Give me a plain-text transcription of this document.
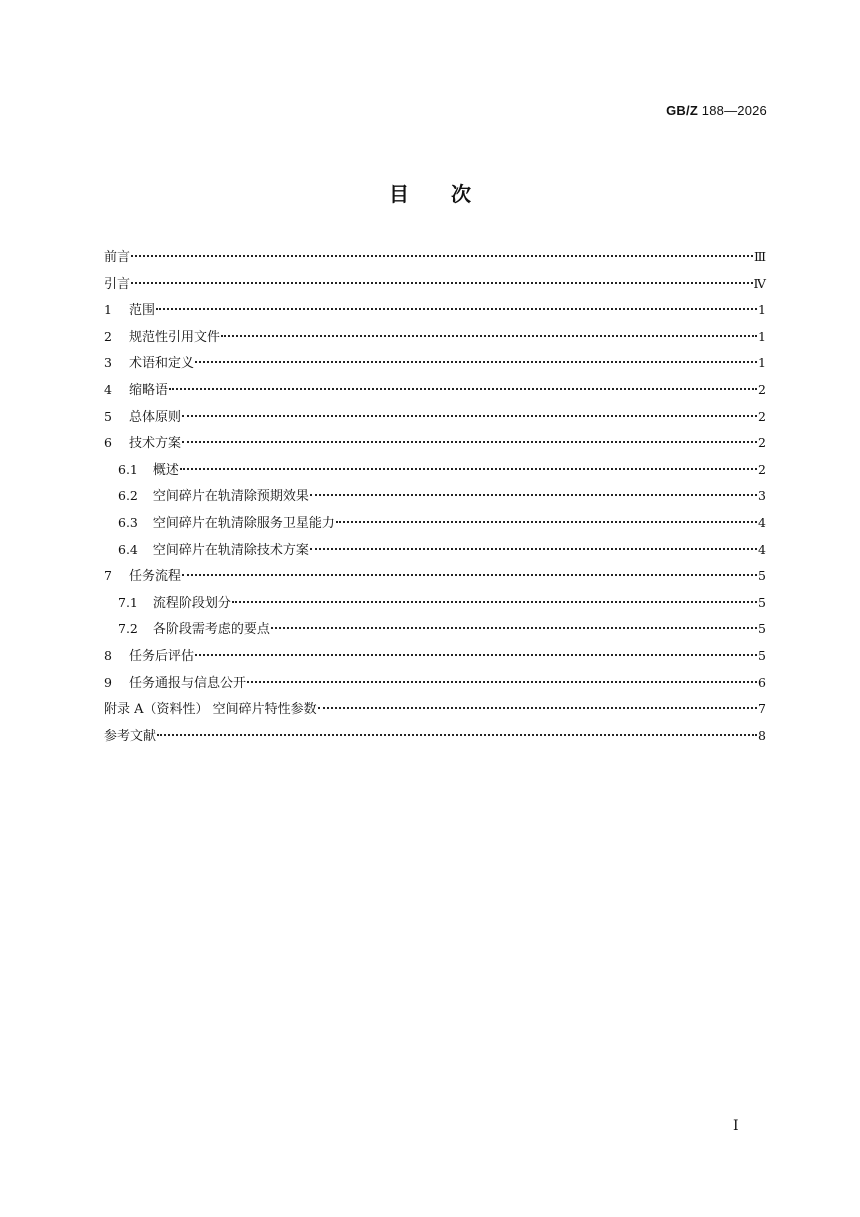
GB/Z 188—2026
目 次
前言	Ⅲ
引言	Ⅳ
1 范围	1
2 规范性引用文件	1
3 术语和定义	1
4 缩略语	2
5 总体原则	2
6 技术方案	2
6.1 概述	2
6.2 空间碎片在轨清除预期效果	3
6.3 空间碎片在轨清除服务卫星能力	4
6.4 空间碎片在轨清除技术方案	4
7 任务流程	5
7.1 流程阶段划分	5
7.2 各阶段需考虑的要点	5
8 任务后评估	5
9 任务通报与信息公开	6
附录 A（资料性） 空间碎片特性参数	7
参考文献	8
Ⅰ
